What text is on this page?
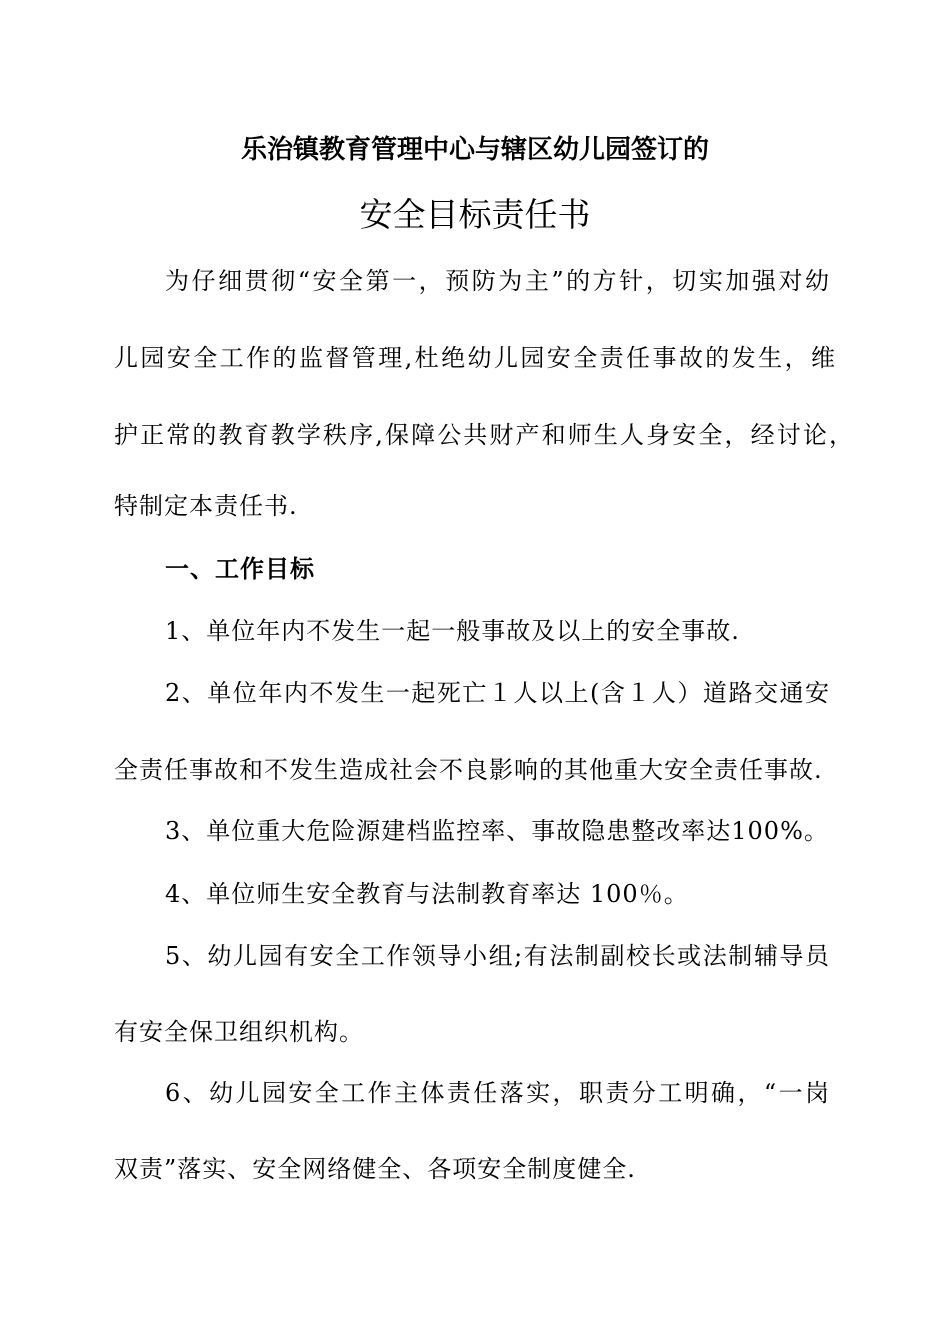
乐治镇教育管理中心与辖区幼儿园签订的
安全目标责任书
为仔细贯彻“安全第一，预防为主”的方针，切实加强对幼
儿园安全工作的监督管理,杜绝幼儿园安全责任事故的发生，维
护正常的教育教学秩序,保障公共财产和师生人身安全，经讨论，
特制定本责任书.
一、工作目标
1、单位年内不发生一起一般事故及以上的安全事故.
2、单位年内不发生一起死亡１人以上(含１人）道路交通安
全责任事故和不发生造成社会不良影响的其他重大安全责任事故.
3、单位重大危险源建档监控率、事故隐患整改率达100%。
4、单位师生安全教育与法制教育率达 100％。
5、幼儿园有安全工作领导小组;有法制副校长或法制辅导员
有安全保卫组织机构。
6、幼儿园安全工作主体责任落实，职责分工明确，“一岗
双责”落实、安全网络健全、各项安全制度健全.
